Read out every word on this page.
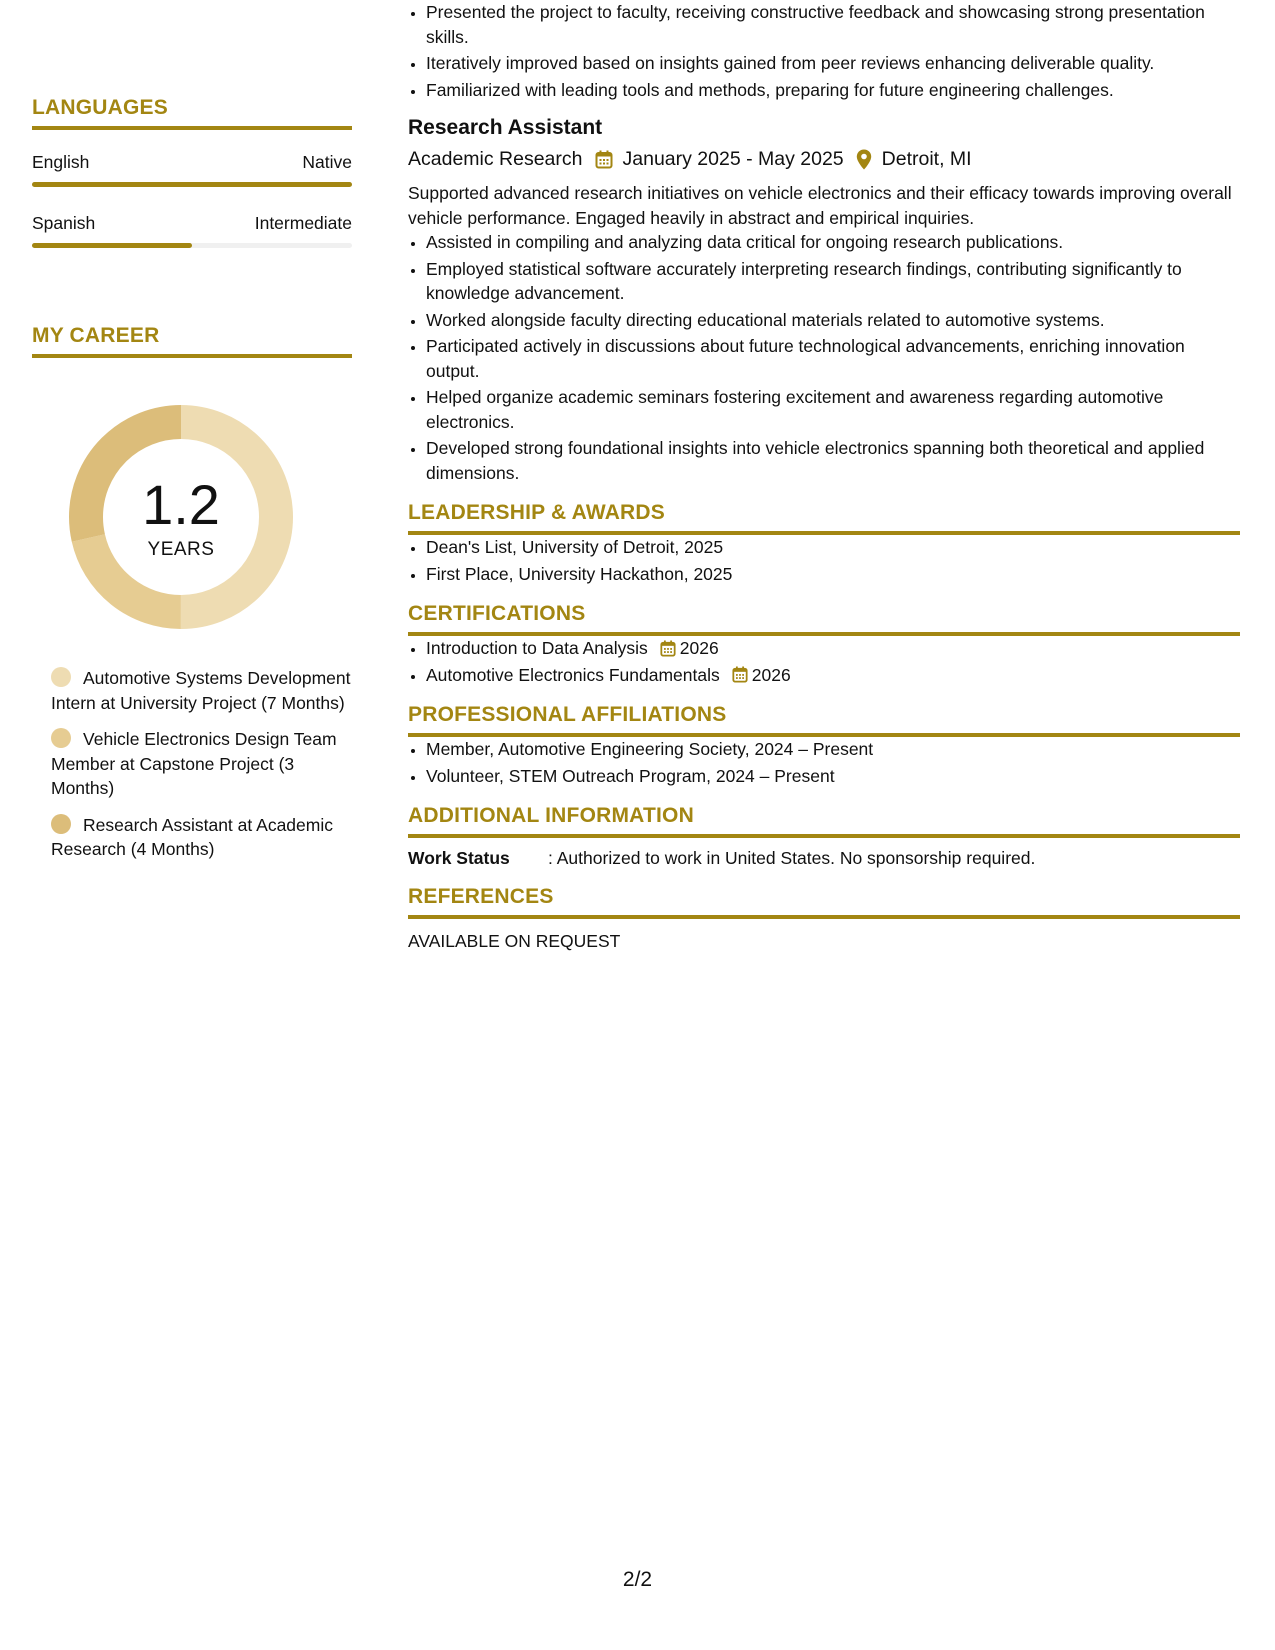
LANGUAGES
English	Native
Spanish	Intermediate
MY CAREER
1.2
YEARS
Automotive Systems Development Intern at University Project (7 Months)
Vehicle Electronics Design Team Member at Capstone Project (3 Months)
Research Assistant at Academic Research (4 Months)
• Presented the project to faculty, receiving constructive feedback and showcasing strong presentation skills.
• Iteratively improved based on insights gained from peer reviews enhancing deliverable quality.
• Familiarized with leading tools and methods, preparing for future engineering challenges.
Research Assistant
Academic Research January 2025 - May 2025 Detroit, MI
Supported advanced research initiatives on vehicle electronics and their efficacy towards improving overall vehicle performance. Engaged heavily in abstract and empirical inquiries.
• Assisted in compiling and analyzing data critical for ongoing research publications.
• Employed statistical software accurately interpreting research findings, contributing significantly to knowledge advancement.
• Worked alongside faculty directing educational materials related to automotive systems.
• Participated actively in discussions about future technological advancements, enriching innovation output.
• Helped organize academic seminars fostering excitement and awareness regarding automotive electronics.
• Developed strong foundational insights into vehicle electronics spanning both theoretical and applied dimensions.
LEADERSHIP & AWARDS
• Dean's List, University of Detroit, 2025
• First Place, University Hackathon, 2025
CERTIFICATIONS
• Introduction to Data Analysis 2026
• Automotive Electronics Fundamentals 2026
PROFESSIONAL AFFILIATIONS
• Member, Automotive Engineering Society, 2024 – Present
• Volunteer, STEM Outreach Program, 2024 – Present
ADDITIONAL INFORMATION
Work Status	: Authorized to work in United States. No sponsorship required.
REFERENCES
AVAILABLE ON REQUEST
2/2
